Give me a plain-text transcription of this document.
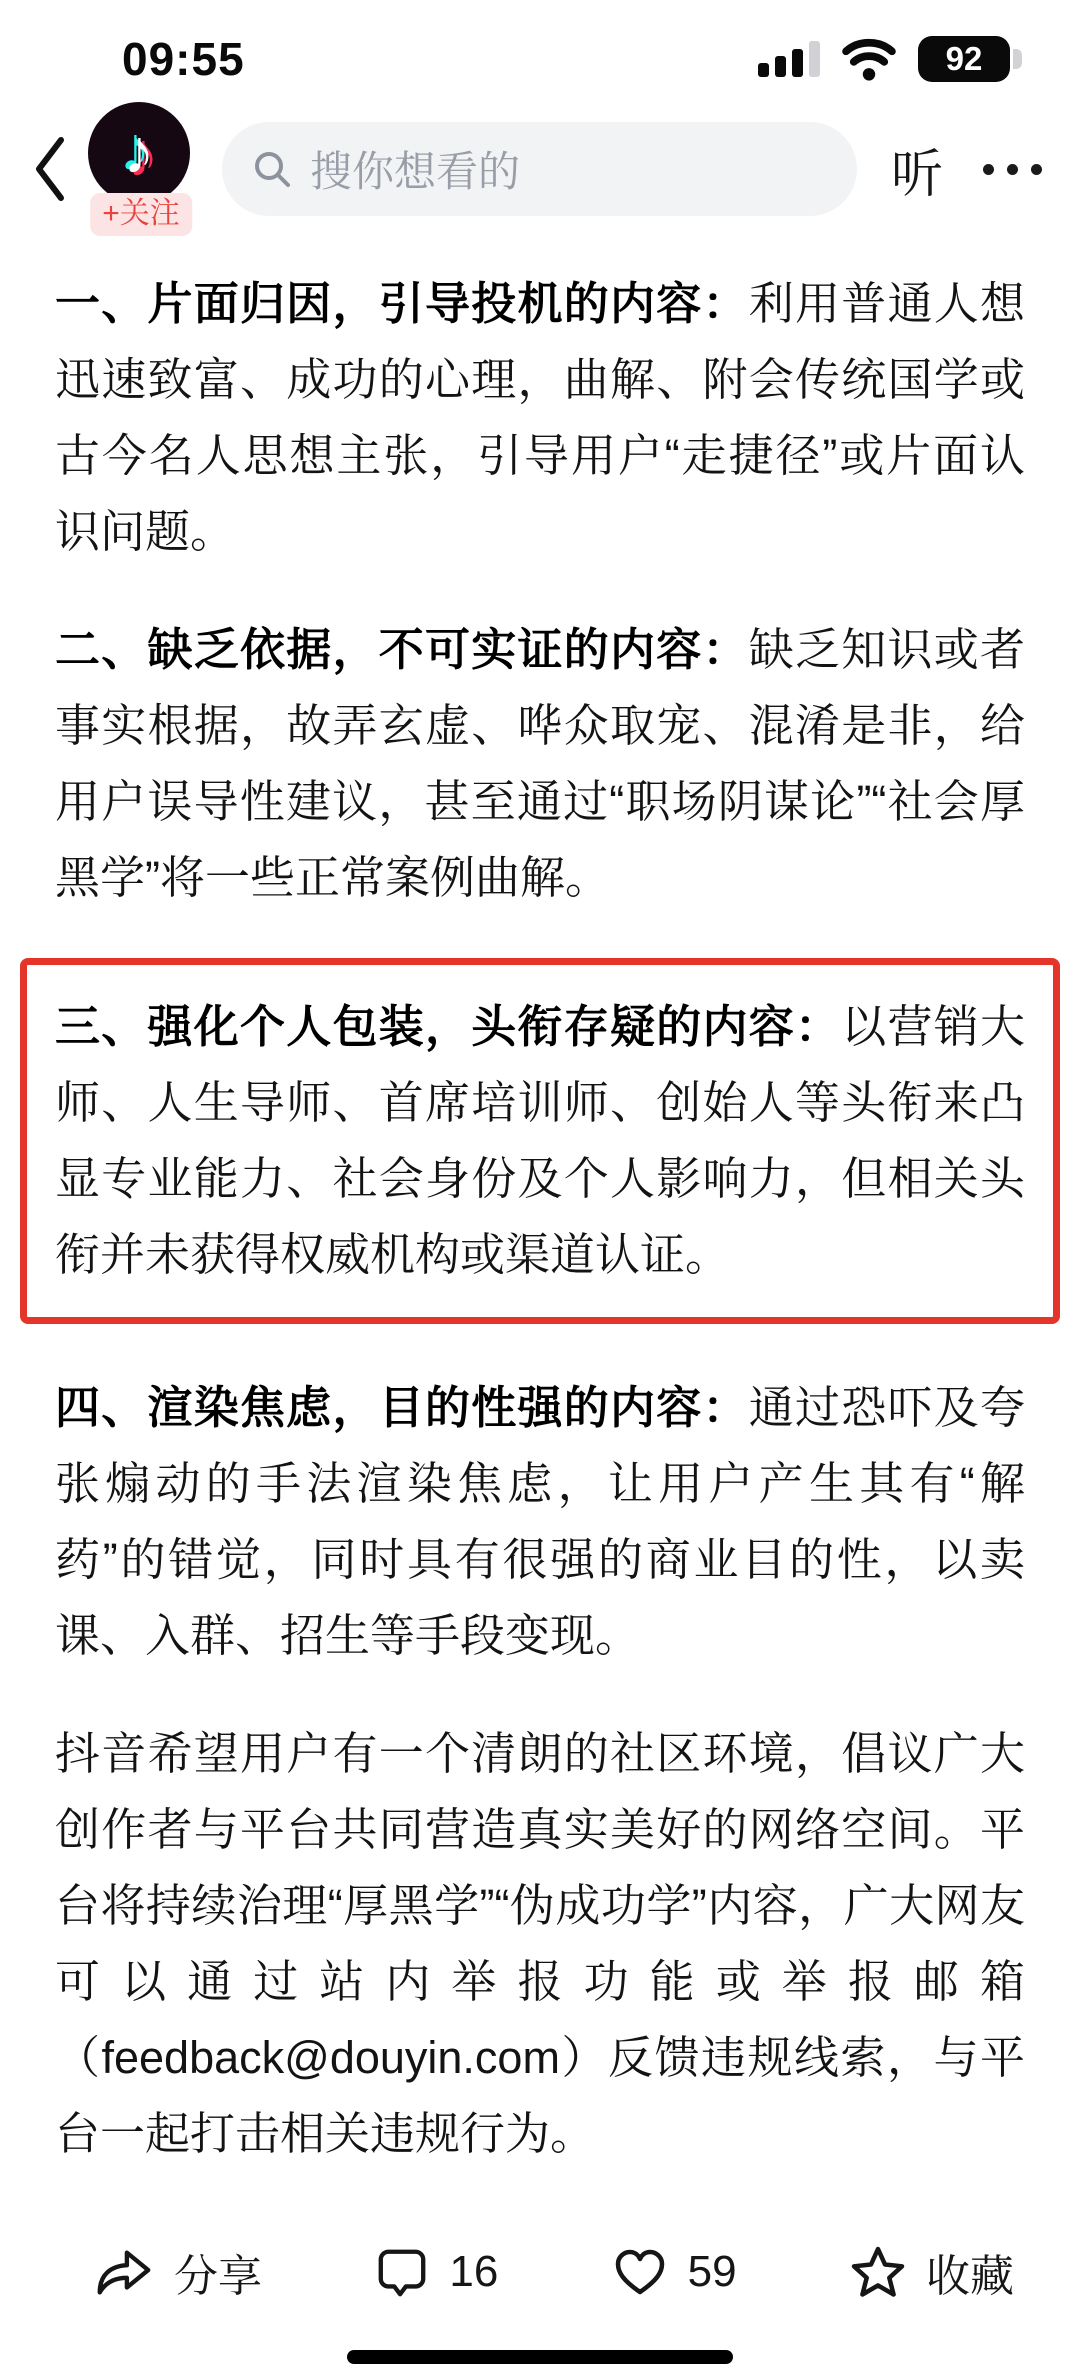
09:55	92
♪
+关注
搜你想看的	听

一、片面归因，引导投机的内容：利用普通人想迅速致富、成功的心理，曲解、附会传统国学或古今名人思想主张，引导用户“走捷径”或片面认识问题。

二、缺乏依据，不可实证的内容：缺乏知识或者事实根据，故弄玄虚、哗众取宠、混淆是非，给用户误导性建议，甚至通过“职场阴谋论”“社会厚黑学”将一些正常案例曲解。

三、强化个人包装，头衔存疑的内容：以营销大师、人生导师、首席培训师、创始人等头衔来凸显专业能力、社会身份及个人影响力，但相关头衔并未获得权威机构或渠道认证。

四、渲染焦虑，目的性强的内容：通过恐吓及夸张煽动的手法渲染焦虑，让用户产生其有“解药”的错觉，同时具有很强的商业目的性，以卖课、入群、招生等手段变现。

抖音希望用户有一个清朗的社区环境，倡议广大创作者与平台共同营造真实美好的网络空间。平台将持续治理“厚黑学”“伪成功学”内容，广大网友可以通过站内举报功能或举报邮箱（feedback@douyin.com）反馈违规线索，与平台一起打击相关违规行为。

分享	16	59	收藏
